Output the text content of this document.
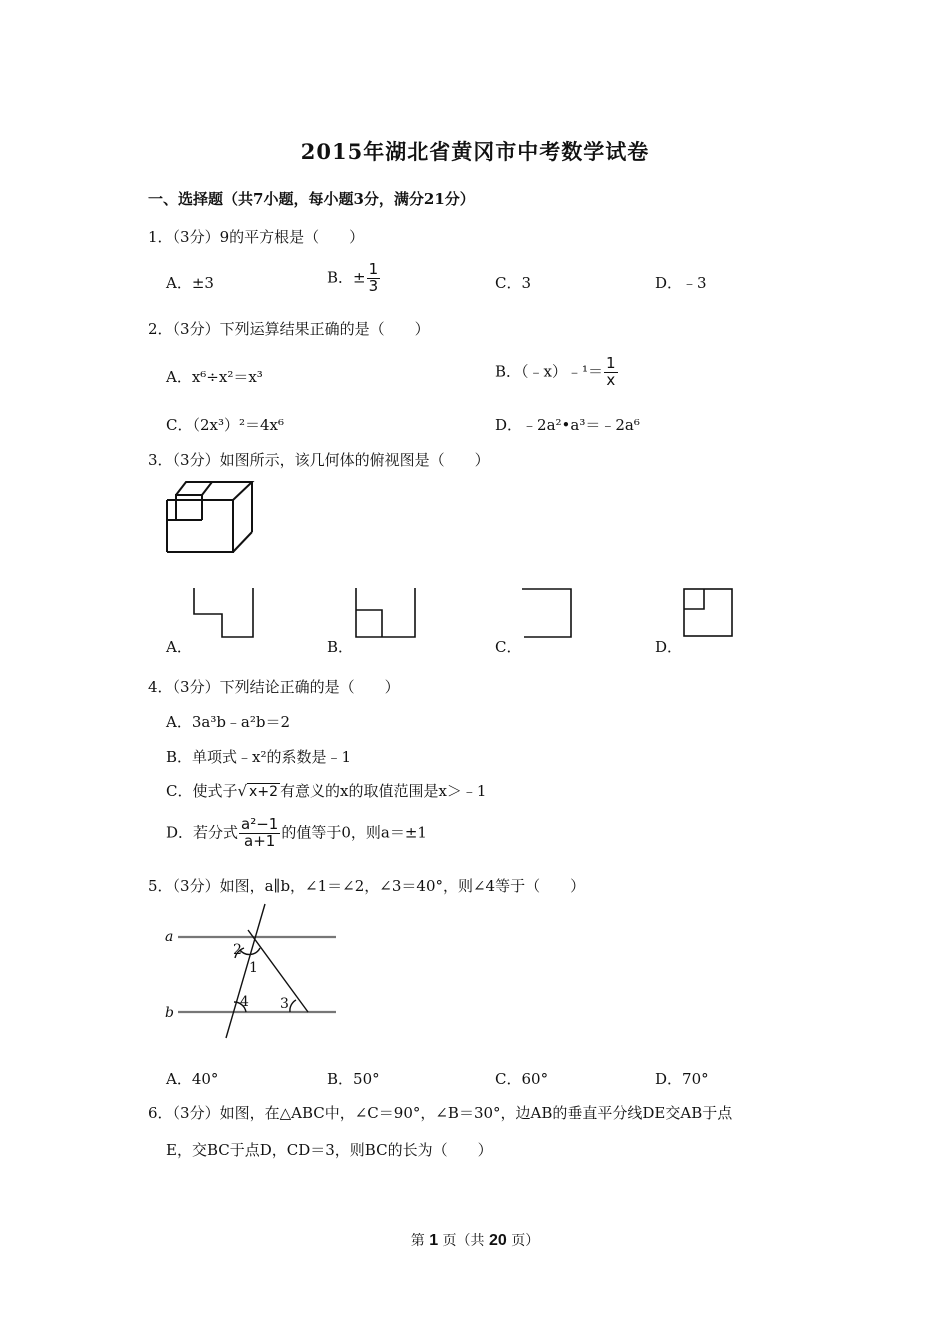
2015年湖北省黄冈市中考数学试卷
一、选择题（共7小题，每小题3分，满分21分）
1．（3分）9的平方根是（　　）
A．±3	B．± $\frac{1}{3}$	C．3	D．﹣3
2．（3分）下列运算结果正确的是（　　）
A．x⁶÷x²＝x³	B．（﹣x）﹣¹＝ $\frac{1}{x}$
C．（2x³）²＝4x⁶	D．﹣2a²•a³＝﹣2a⁶
3．（3分）如图所示，该几何体的俯视图是（　　）
A．	B．	C．	D．
4．（3分）下列结论正确的是（　　）
A．3a³b﹣a²b＝2
B．单项式﹣x²的系数是﹣1
C．使式子√ x+2 有意义的x的取值范围是x＞﹣1
D．若分式 $\frac{\text{a²−1}}{a+1}$ 的值等于0，则a＝±1
5．（3分）如图，a∥b，∠1＝∠2，∠3＝40°，则∠4等于（　　）
a
b
2
1
4 3
A．40°	B．50°	C．60°	D．70°
6．（3分）如图，在△ABC中，∠C＝90°，∠B＝30°，边AB的垂直平分线DE交AB于点
E，交BC于点D，CD＝3，则BC的长为（　　）
第 1 页（共 20 页）
